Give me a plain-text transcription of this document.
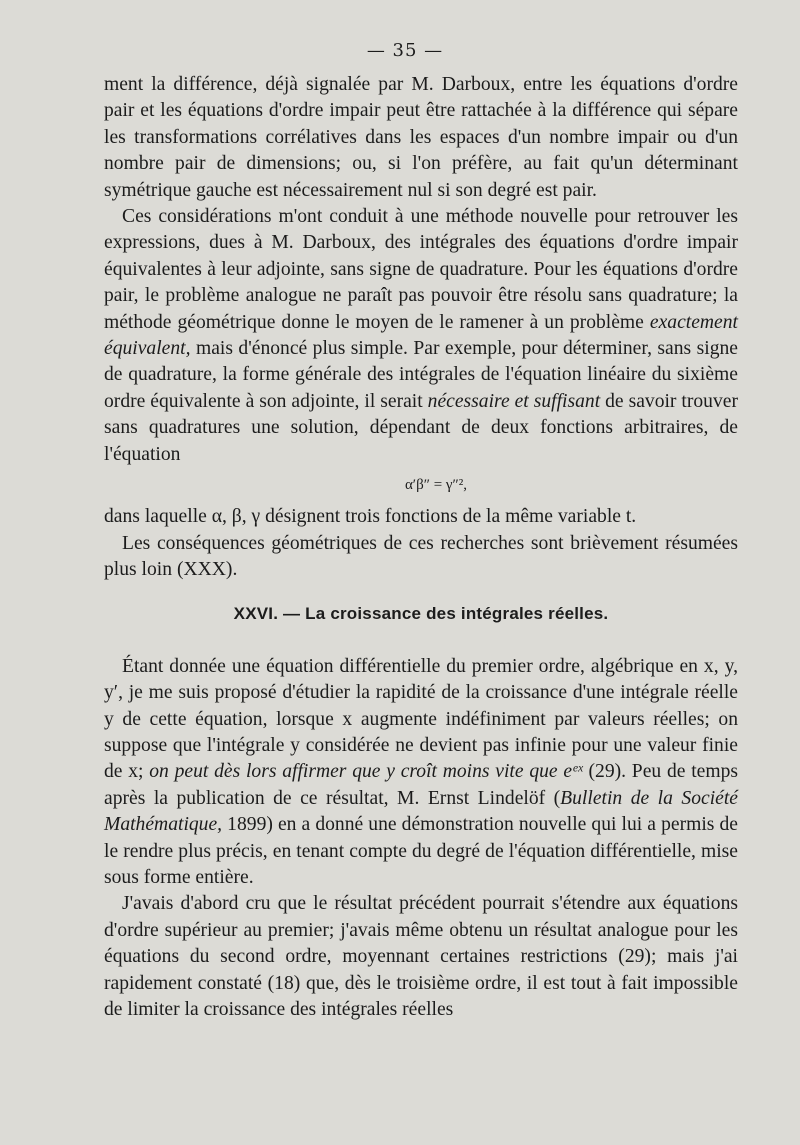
— 35 —

ment la différence, déjà signalée par M. Darboux, entre les équations d'ordre pair et les équations d'ordre impair peut être rattachée à la différence qui sépare les transformations corrélatives dans les espaces d'un nombre impair ou d'un nombre pair de dimensions; ou, si l'on préfère, au fait qu'un déterminant symétrique gauche est nécessairement nul si son degré est pair.

Ces considérations m'ont conduit à une méthode nouvelle pour retrouver les expressions, dues à M. Darboux, des intégrales des équations d'ordre impair équivalentes à leur adjointe, sans signe de quadrature. Pour les équations d'ordre pair, le problème analogue ne paraît pas pouvoir être résolu sans quadrature; la méthode géométrique donne le moyen de le ramener à un problème exactement équivalent, mais d'énoncé plus simple. Par exemple, pour déterminer, sans signe de quadrature, la forme générale des intégrales de l'équation linéaire du sixième ordre équivalente à son adjointe, il serait nécessaire et suffisant de savoir trouver sans quadratures une solution, dépendant de deux fonctions arbitraires, de l'équation

α′β″ = γ″²,

dans laquelle α, β, γ désignent trois fonctions de la même variable t.

Les conséquences géométriques de ces recherches sont brièvement résumées plus loin (XXX).

XXVI. — La croissance des intégrales réelles.

Étant donnée une équation différentielle du premier ordre, algébrique en x, y, y′, je me suis proposé d'étudier la rapidité de la croissance d'une intégrale réelle y de cette équation, lorsque x augmente indéfiniment par valeurs réelles; on suppose que l'intégrale y considérée ne devient pas infinie pour une valeur finie de x; on peut dès lors affirmer que y croît moins vite que eᵉˣ (29). Peu de temps après la publication de ce résultat, M. Ernst Lindelöf (Bulletin de la Société Mathématique, 1899) en a donné une démonstration nouvelle qui lui a permis de le rendre plus précis, en tenant compte du degré de l'équation différentielle, mise sous forme entière.

J'avais d'abord cru que le résultat précédent pourrait s'étendre aux équations d'ordre supérieur au premier; j'avais même obtenu un résultat analogue pour les équations du second ordre, moyennant certaines restrictions (29); mais j'ai rapidement constaté (18) que, dès le troisième ordre, il est tout à fait impossible de limiter la croissance des intégrales réelles
